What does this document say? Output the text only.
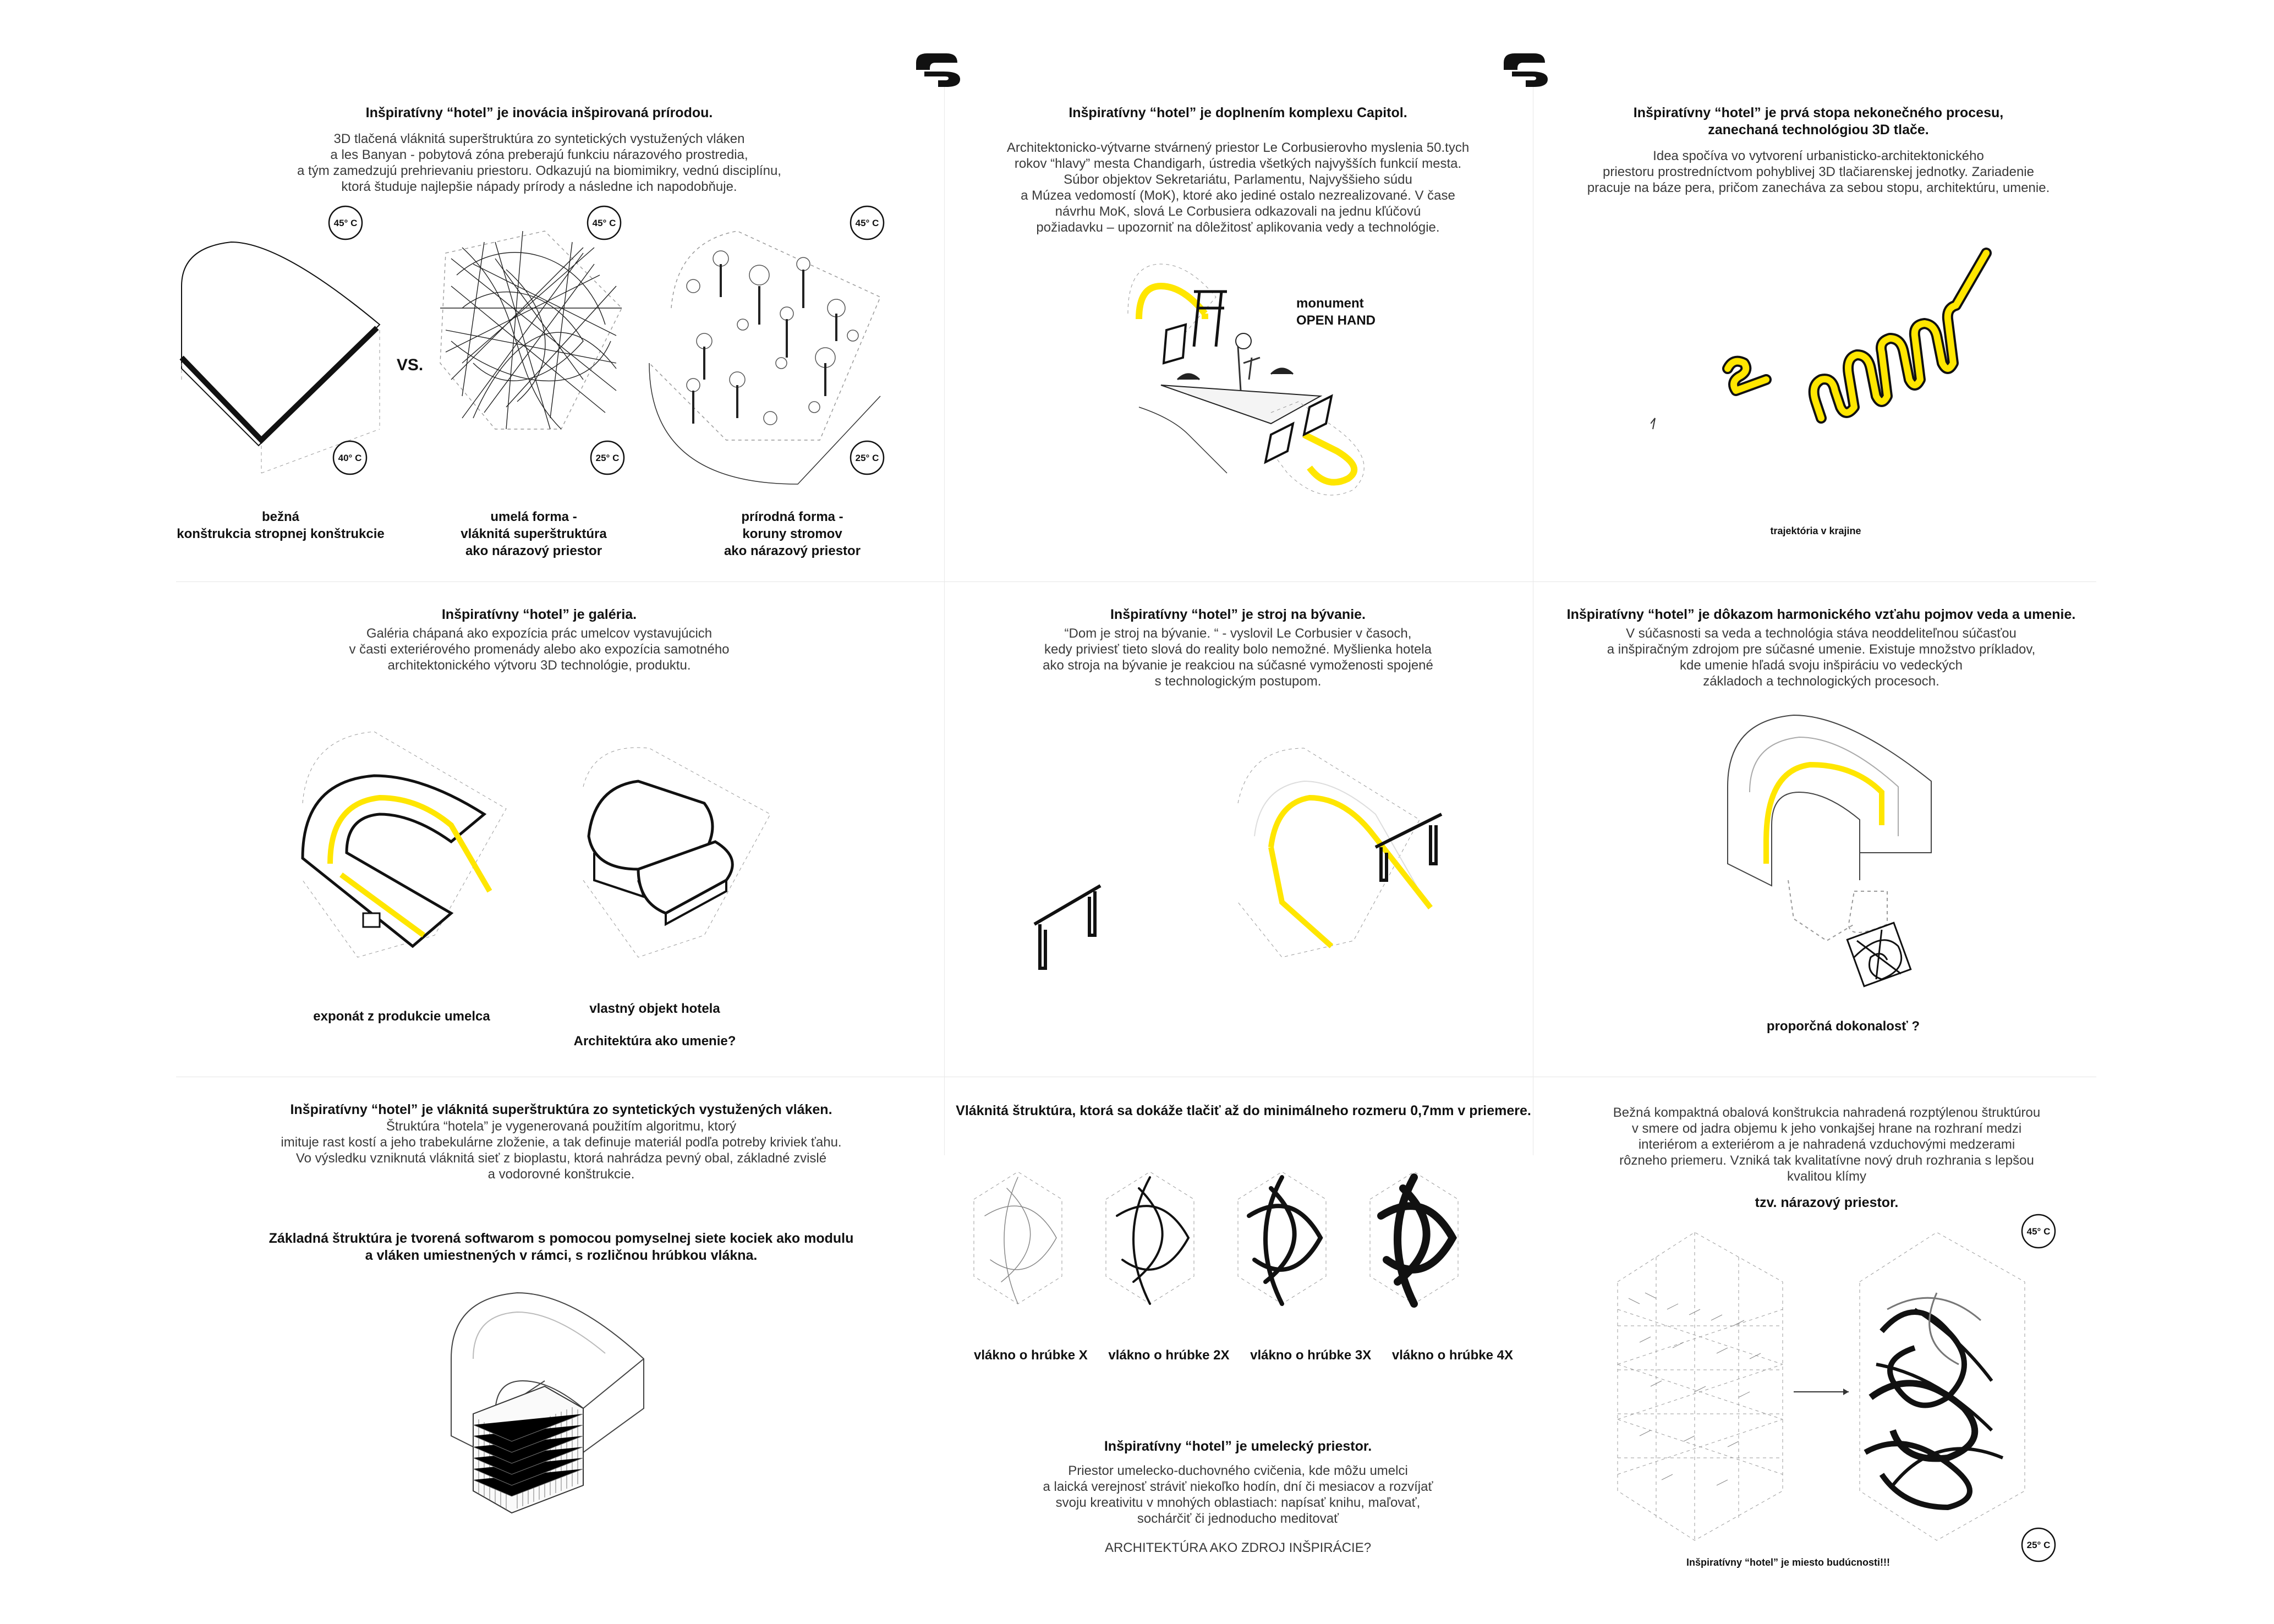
Inšpiratívny “hotel” je inovácia inšpirovaná prírodou.
3D tlačená vláknitá superštruktúra zo syntetických vystužených vláken
a les Banyan - pobytová zóna preberajú funkciu nárazového prostredia,
a tým zamedzujú prehrievaniu priestoru. Odkazujú na biomimikry, vednú disciplínu,
ktorá študuje najlepšie nápady prírody a následne ich napodobňuje.
45° C	45° C	45° C
40° C	25° C	25° C
VS.
bežná
konštrukcia stropnej konštrukcie
umelá forma -
vláknitá superštruktúra
ako nárazový priestor
prírodná forma -
koruny stromov
ako nárazový priestor
Inšpiratívny “hotel” je doplnením komplexu Capitol.
Architektonicko-výtvarne stvárnený priestor Le Corbusierovho myslenia 50.tych
rokov “hlavy” mesta Chandigarh, ústredia všetkých najvyšších funkcií mesta.
Súbor objektov Sekretariátu, Parlamentu, Najvyššieho súdu
a Múzea vedomostí (MoK), ktoré ako jediné ostalo nezrealizované. V čase
návrhu MoK, slová Le Corbusiera odkazovali na jednu kľúčovú
požiadavku – upozorniť na dôležitosť aplikovania vedy a technológie.
monument
OPEN HAND
Inšpiratívny “hotel” je prvá stopa nekonečného procesu,
zanechaná technológiou 3D tlače.
Idea spočíva vo vytvorení urbanisticko-architektonického
priestoru prostredníctvom pohyblivej 3D tlačiarenskej jednotky. Zariadenie
pracuje na báze pera, pričom zanecháva za sebou stopu, architektúru, umenie.
trajektória v krajine
Inšpiratívny “hotel” je galéria.
Galéria chápaná ako expozícia prác umelcov vystavujúcich
v časti exteriérového promenády alebo ako expozícia samotného
architektonického výtvoru 3D technológie, produktu.
exponát z produkcie umelca
vlastný objekt hotela
Architektúra ako umenie?
Inšpiratívny “hotel” je stroj na bývanie.
“Dom je stroj na bývanie. “ - vyslovil Le Corbusier v časoch,
kedy priviesť tieto slová do reality bolo nemožné. Myšlienka hotela
ako stroja na bývanie je reakciou na súčasné vymoženosti spojené
s technologickým postupom.
Inšpiratívny “hotel” je dôkazom harmonického vzťahu pojmov veda a umenie.
V súčasnosti sa veda a technológia stáva neoddeliteľnou súčasťou
a inšpiračným zdrojom pre súčasné umenie. Existuje množstvo príkladov,
kde umenie hľadá svoju inšpiráciu vo vedeckých
základoch a technologických procesoch.
proporčná dokonalosť ?
Inšpiratívny “hotel” je vláknitá superštruktúra zo syntetických vystužených vláken.
Štruktúra “hotela” je vygenerovaná použitím algoritmu, ktorý
imituje rast kostí a jeho trabekulárne zloženie, a tak definuje materiál podľa potreby kriviek ťahu.
Vo výsledku vzniknutá vláknitá sieť z bioplastu, ktorá nahrádza pevný obal, základné zvislé
a vodorovné konštrukcie.
Základná štruktúra je tvorená softwarom s pomocou pomyselnej siete kociek ako modulu
a vláken umiestnených v rámci, s rozličnou hrúbkou vlákna.
Vláknitá štruktúra, ktorá sa dokáže tlačiť až do minimálneho rozmeru 0,7mm v priemere.
vlákno o hrúbke X vlákno o hrúbke 2X vlákno o hrúbke 3X vlákno o hrúbke 4X
Inšpiratívny “hotel” je umelecký priestor.
Priestor umelecko-duchovného cvičenia, kde môžu umelci
a laická verejnosť stráviť niekoľko hodín, dní či mesiacov a rozvíjať
svoju kreativitu v mnohých oblastiach: napísať knihu, maľovať,
sochárčiť či jednoducho meditovať
ARCHITEKTÚRA AKO ZDROJ INŠPIRÁCIE?
Bežná kompaktná obalová konštrukcia nahradená rozptýlenou štruktúrou
v smere od jadra objemu k jeho vonkajšej hrane na rozhraní medzi
interiérom a exteriérom a je nahradená vzduchovými medzerami
rôzneho priemeru. Vzniká tak kvalitatívne nový druh rozhrania s lepšou
kvalitou klímy
tzv. nárazový priestor.
45° C
25° C
Inšpiratívny “hotel” je miesto budúcnosti!!!
